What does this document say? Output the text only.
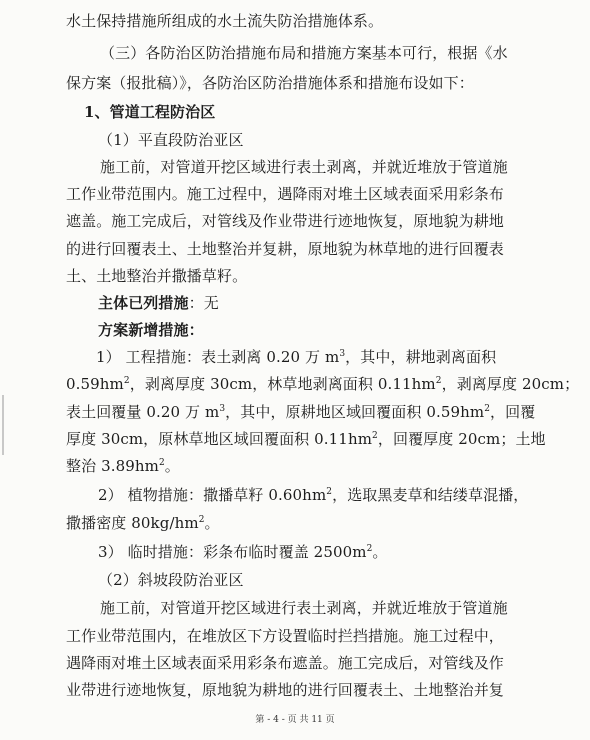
水土保持措施所组成的水土流失防治措施体系。
（三）各防治区防治措施布局和措施方案基本可行，根据《水
保方案（报批稿）》，各防治区防治措施体系和措施布设如下：
1、管道工程防治区
（1）平直段防治亚区
施工前，对管道开挖区域进行表土剥离，并就近堆放于管道施
工作业带范围内。施工过程中，遇降雨对堆土区域表面采用彩条布
遮盖。施工完成后，对管线及作业带进行迹地恢复，原地貌为耕地
的进行回覆表土、土地整治并复耕，原地貌为林草地的进行回覆表
土、土地整治并撒播草籽。
主体已列措施：无
方案新增措施：
1） 工程措施：表土剥离 0.20 万 $m^3$，其中，耕地剥离面积
$0.59hm^2$，剥离厚度 30cm，林草地剥离面积 $0.11hm^2$，剥离厚度 20cm；
表土回覆量 0.20 万 $m^3$，其中，原耕地区域回覆面积 $0.59hm^2$，回覆
厚度 30cm，原林草地区域回覆面积 $0.11hm^2$，回覆厚度 20cm；土地
整治 $3.89hm^2$。
2） 植物措施：撒播草籽 $0.60hm^2$，选取黑麦草和结缕草混播，
撒播密度 $80kg/hm^2$。
3） 临时措施：彩条布临时覆盖 $2500m^2$。
（2）斜坡段防治亚区
施工前，对管道开挖区域进行表土剥离，并就近堆放于管道施
工作业带范围内，在堆放区下方设置临时拦挡措施。施工过程中，
遇降雨对堆土区域表面采用彩条布遮盖。施工完成后，对管线及作
业带进行迹地恢复，原地貌为耕地的进行回覆表土、土地整治并复
第 - 4 - 页 共 11 页
